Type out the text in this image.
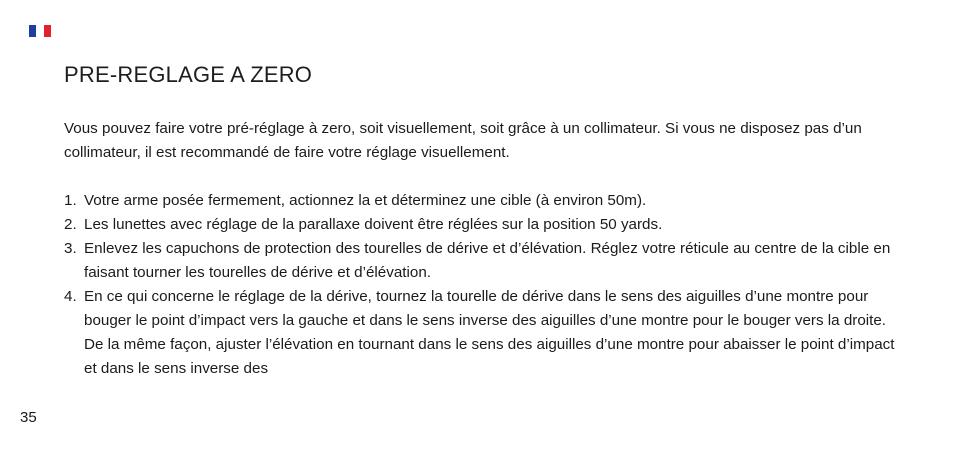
PRE-REGLAGE A ZERO

Vous pouvez faire votre pré-réglage à zero, soit visuellement, soit grâce à un collimateur. Si vous ne disposez pas d’un collimateur, il est recommandé de faire votre réglage visuellement.

1. Votre arme posée fermement, actionnez la et déterminez une cible (à environ 50m).
2. Les lunettes avec réglage de la parallaxe doivent être réglées sur la position 50 yards.
3. Enlevez les capuchons de protection des tourelles de dérive et d’élévation. Réglez votre réticule au centre de la cible en faisant tourner les tourelles de dérive et d’élévation.
4. En ce qui concerne le réglage de la dérive, tournez la tourelle de dérive dans le sens des aiguilles d’une montre pour bouger le point d’impact vers la gauche et dans le sens inverse des aiguilles d’une montre pour le bouger vers la droite. De la même façon, ajuster l’élévation en tournant dans le sens des aiguilles d’une montre pour abaisser le point d’impact et dans le sens inverse des
35
